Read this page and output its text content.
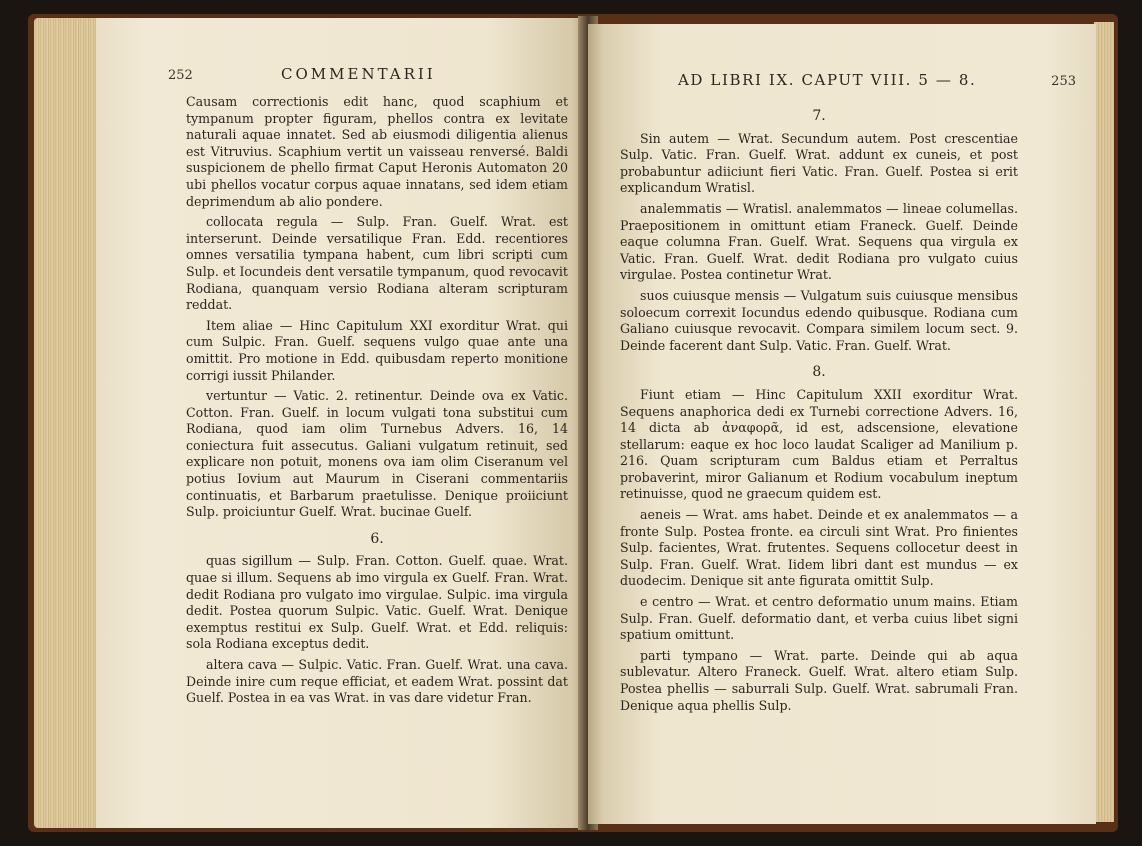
252	COMMENTARII

Causam correctionis edit hanc, quod scaphium et tympanum propter figuram, phellos contra ex levitate naturali aquae innatet. Sed ab eiusmodi diligentia alienus est Vitruvius. Scaphium vertit un vaisseau renversé. Baldi suspicionem de phello firmat Caput Heronis Automaton 20 ubi phellos vocatur corpus aquae innatans, sed idem etiam deprimendum ab alio pondere.

collocata regula — Sulp. Fran. Guelf. Wrat. est interserunt. Deinde versatilique Fran. Edd. recentiores omnes versatilia tympana habent, cum libri scripti cum Sulp. et Iocundeis dent versatile tympanum, quod revocavit Rodiana, quanquam versio Rodiana alteram scripturam reddat.

Item aliae — Hinc Capitulum XXI exorditur Wrat. qui cum Sulpic. Fran. Guelf. sequens vulgo quae ante una omittit. Pro motione in Edd. quibusdam reperto monitione corrigi iussit Philander.

vertuntur — Vatic. 2. retinentur. Deinde ova ex Vatic. Cotton. Fran. Guelf. in locum vulgati tona substitui cum Rodiana, quod iam olim Turnebus Advers. 16, 14 coniectura fuit assecutus. Galiani vulgatum retinuit, sed explicare non potuit, monens ova iam olim Ciseranum vel potius Iovium aut Maurum in Ciserani commentariis continuatis, et Barbarum praetulisse. Denique proiiciunt Sulp. proiciuntur Guelf. Wrat. bucinae Guelf.

6.

quas sigillum — Sulp. Fran. Cotton. Guelf. quae. Wrat. quae si illum. Sequens ab imo virgula ex Guelf. Fran. Wrat. dedit Rodiana pro vulgato imo virgulae. Sulpic. ima virgula dedit. Postea quorum Sulpic. Vatic. Guelf. Wrat. Denique exemptus restitui ex Sulp. Guelf. Wrat. et Edd. reliquis: sola Rodiana exceptus dedit.

altera cava — Sulpic. Vatic. Fran. Guelf. Wrat. una cava. Deinde inire cum reque efficiat, et eadem Wrat. possint dat Guelf. Postea in ea vas Wrat. in vas dare videtur Fran.

AD LIBRI IX. CAPUT VIII. 5 — 8.	253
7.

Sin autem — Wrat. Secundum autem. Post crescentiae Sulp. Vatic. Fran. Guelf. Wrat. addunt ex cuneis, et post probabuntur adiiciunt fieri Vatic. Fran. Guelf. Postea si erit explicandum Wratisl.

analemmatis — Wratisl. analemmatos — lineae columellas. Praepositionem in omittunt etiam Franeck. Guelf. Deinde eaque columna Fran. Guelf. Wrat. Sequens qua virgula ex Vatic. Fran. Guelf. Wrat. dedit Rodiana pro vulgato cuius virgulae. Postea continetur Wrat.

suos cuiusque mensis — Vulgatum suis cuiusque mensibus soloecum correxit Iocundus edendo quibusque. Rodiana cum Galiano cuiusque revocavit. Compara similem locum sect. 9. Deinde facerent dant Sulp. Vatic. Fran. Guelf. Wrat.

8.

Fiunt etiam — Hinc Capitulum XXII exorditur Wrat. Sequens anaphorica dedi ex Turnebi correctione Advers. 16, 14 dicta ab ἀναφορᾶ, id est, adscensione, elevatione stellarum: eaque ex hoc loco laudat Scaliger ad Manilium p. 216. Quam scripturam cum Baldus etiam et Perraltus probaverint, miror Galianum et Rodium vocabulum ineptum retinuisse, quod ne graecum quidem est.

aeneis — Wrat. ams habet. Deinde et ex analemmatos — a fronte Sulp. Postea fronte. ea circuli sint Wrat. Pro finientes Sulp. facientes, Wrat. frutentes. Sequens collocetur deest in Sulp. Fran. Guelf. Wrat. Iidem libri dant est mundus — ex duodecim. Denique sit ante figurata omittit Sulp.

e centro — Wrat. et centro deformatio unum mains. Etiam Sulp. Fran. Guelf. deformatio dant, et verba cuius libet signi spatium omittunt.

parti tympano — Wrat. parte. Deinde qui ab aqua sublevatur. Altero Franeck. Guelf. Wrat. altero etiam Sulp. Postea phellis — saburrali Sulp. Guelf. Wrat. sabrumali Fran. Denique aqua phellis Sulp.
